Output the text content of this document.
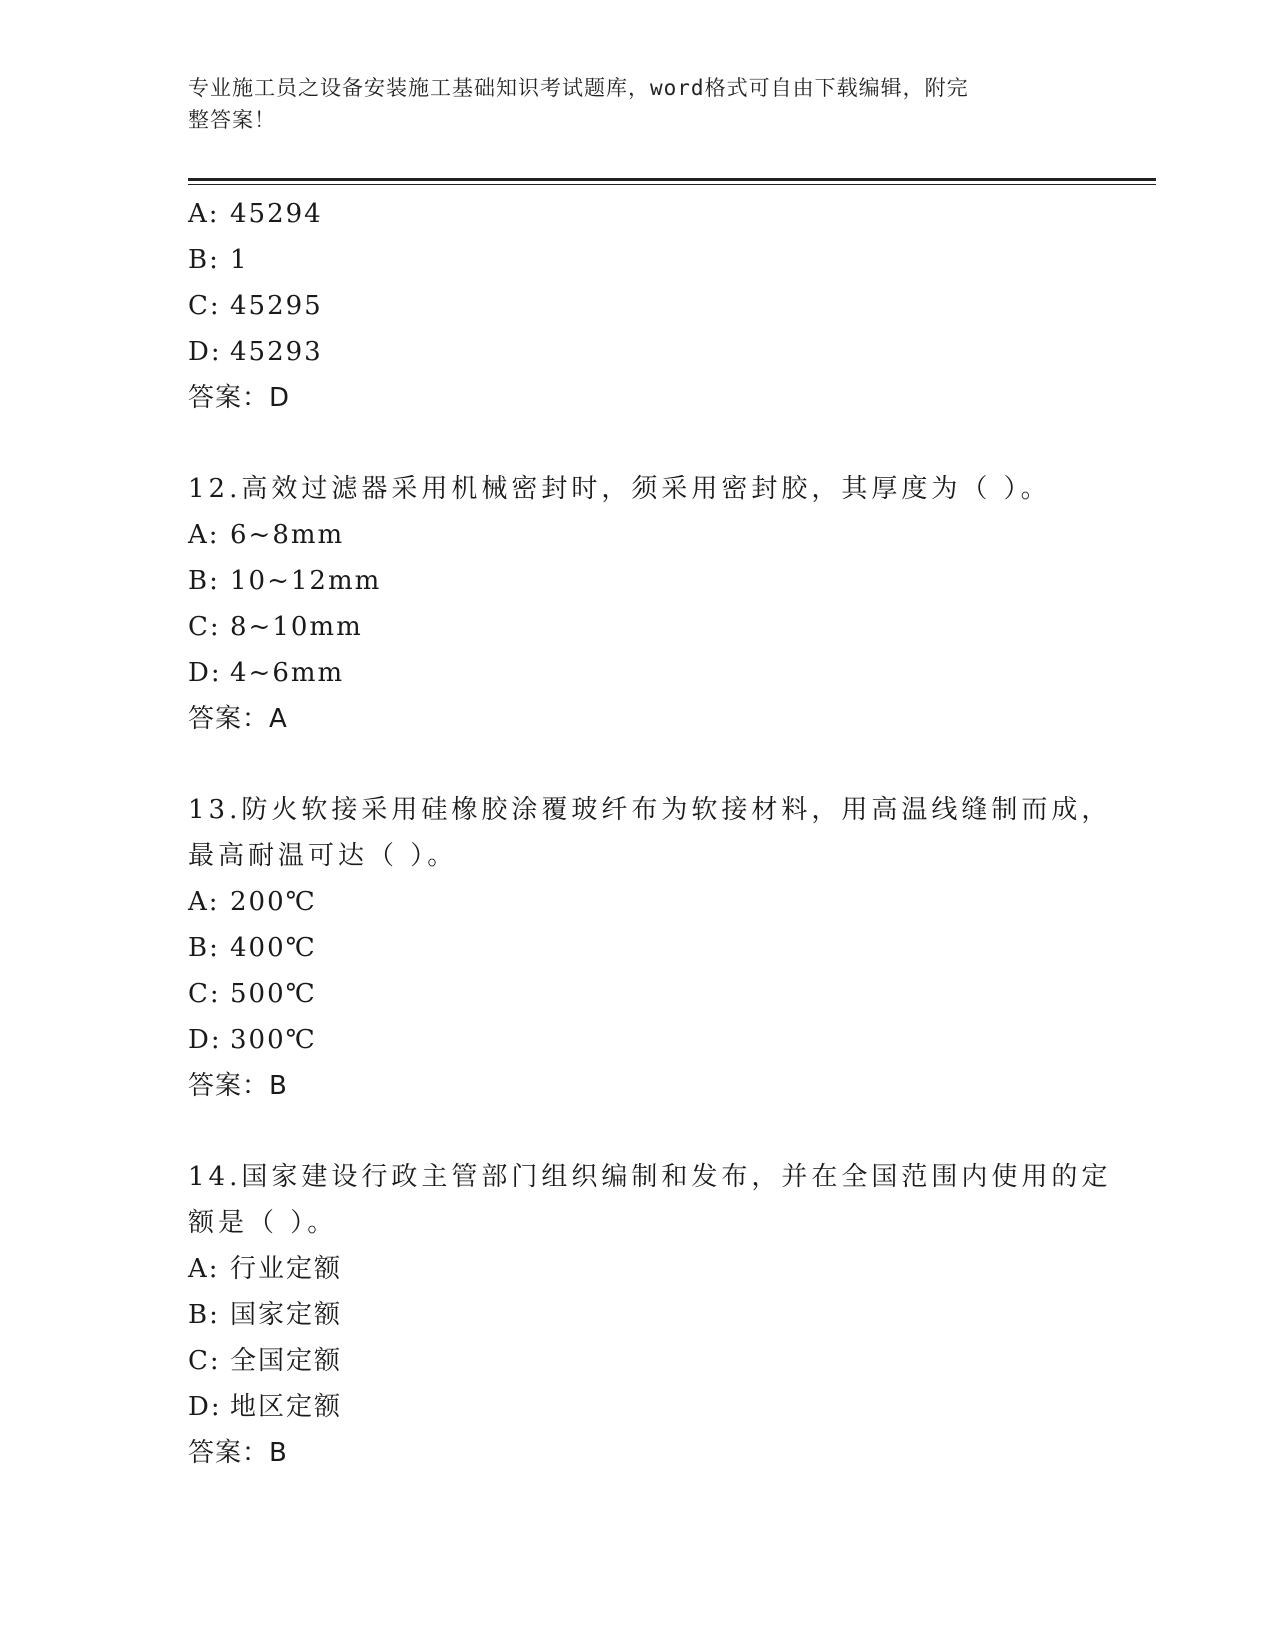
专业施工员之设备安装施工基础知识考试题库，word格式可自由下载编辑，附完
整答案！
A: 45294
B: 1
C: 45295
D: 45293
答案：D
12.高效过滤器采用机械密封时，须采用密封胶，其厚度为（ ）。
A: 6~8mm
B: 10~12mm
C: 8~10mm
D: 4~6mm
答案：A
13.防火软接采用硅橡胶涂覆玻纤布为软接材料，用高温线缝制而成，
最高耐温可达（ ）。
A: 200℃
B: 400℃
C: 500℃
D: 300℃
答案：B
14.国家建设行政主管部门组织编制和发布，并在全国范围内使用的定
额是（ ）。
A: 行业定额
B: 国家定额
C: 全国定额
D: 地区定额
答案：B
